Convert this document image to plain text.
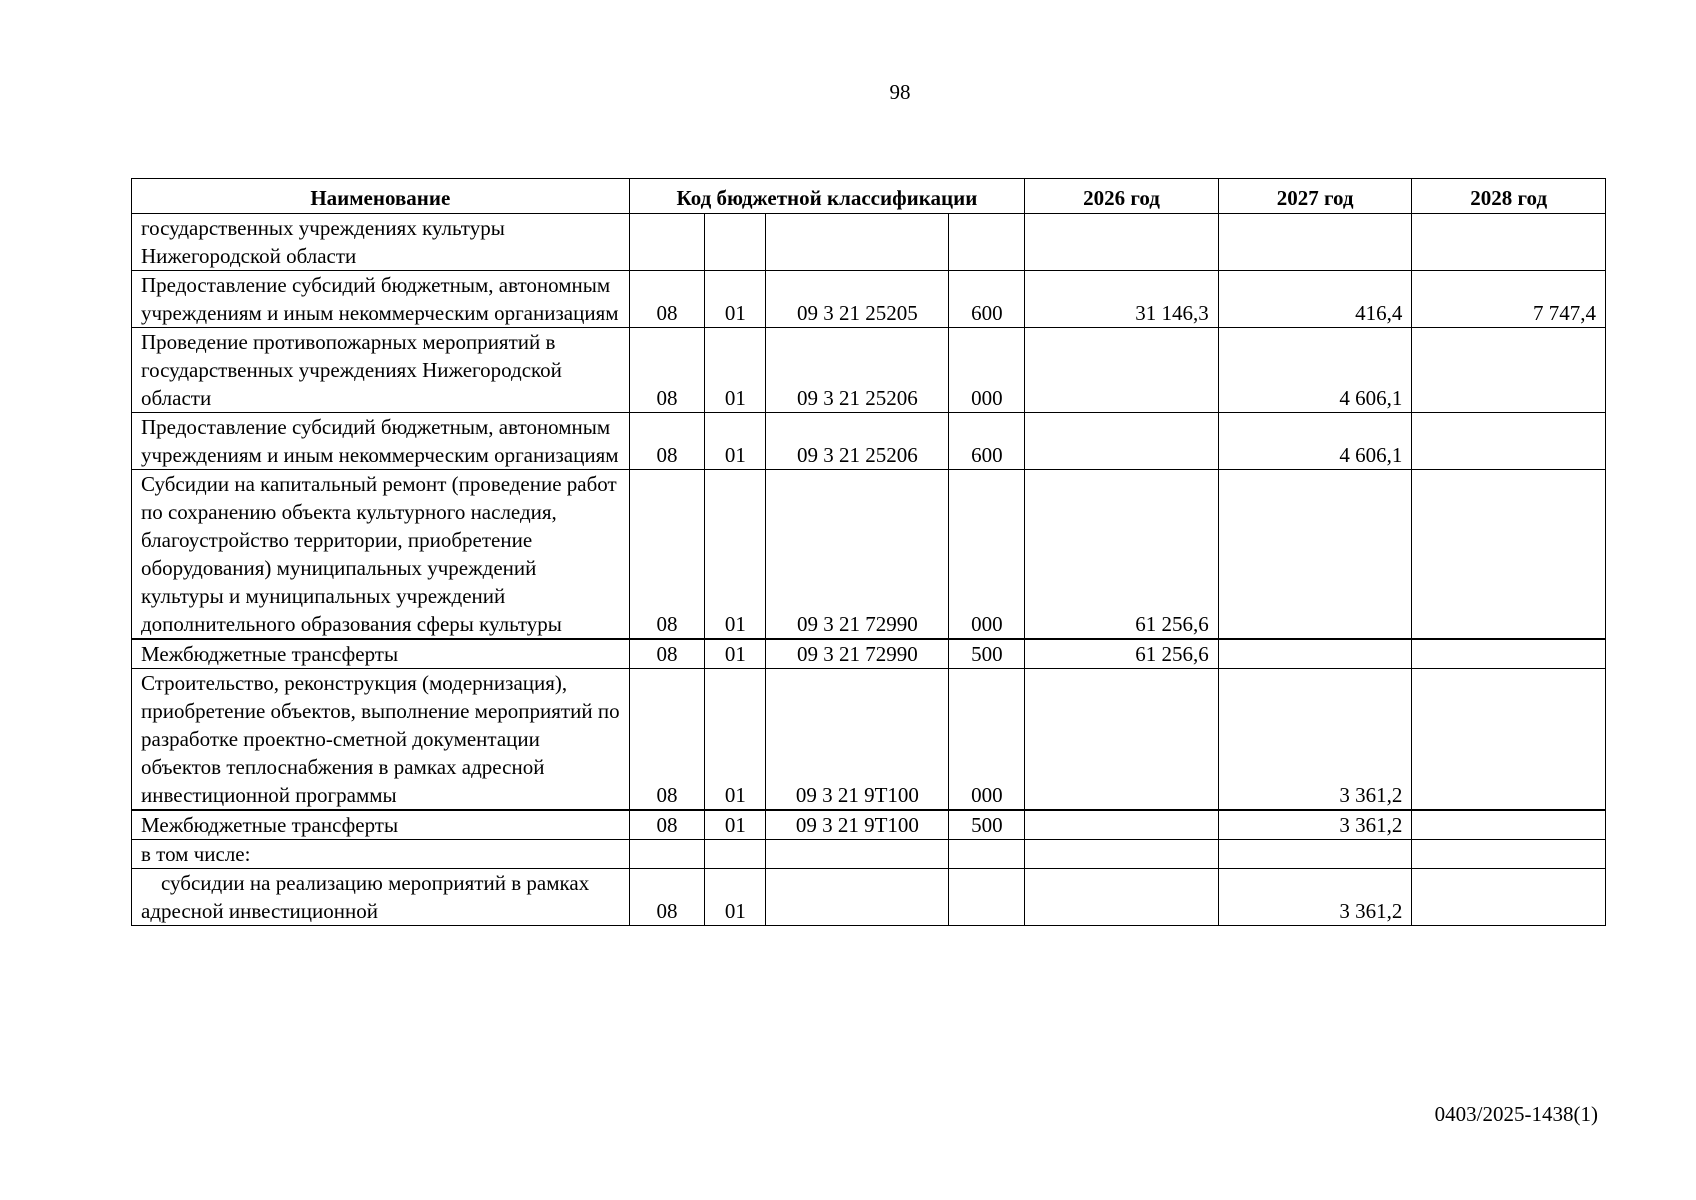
98
Наименование	Код бюджетной классификации				2026 год	2027 год	2028 год
государственных учреждениях культуры Нижегородской области							
Предоставление субсидий бюджетным, автономным учреждениям и иным некоммерческим организациям	08	01	09 3 21 25205	600	31 146,3	416,4	7 747,4
Проведение противопожарных мероприятий в государственных учреждениях Нижегородской области	08	01	09 3 21 25206	000		4 606,1	
Предоставление субсидий бюджетным, автономным учреждениям и иным некоммерческим организациям	08	01	09 3 21 25206	600		4 606,1	
Субсидии на капитальный ремонт (проведение работ по сохранению объекта культурного наследия, благоустройство территории, приобретение оборудования) муниципальных учреждений культуры и муниципальных учреждений дополнительного образования сферы культуры	08	01	09 3 21 72990	000	61 256,6		
Межбюджетные трансферты	08	01	09 3 21 72990	500	61 256,6		
Строительство, реконструкция (модернизация), приобретение объектов, выполнение мероприятий по разработке проектно-сметной документации объектов теплоснабжения в рамках адресной инвестиционной программы	08	01	09 3 21 9Т100	000		3 361,2	
Межбюджетные трансферты	08	01	09 3 21 9Т100	500		3 361,2	
в том числе:							
субсидии на реализацию мероприятий в рамках адресной инвестиционной	08	01				3 361,2	
0403/2025-1438(1)
